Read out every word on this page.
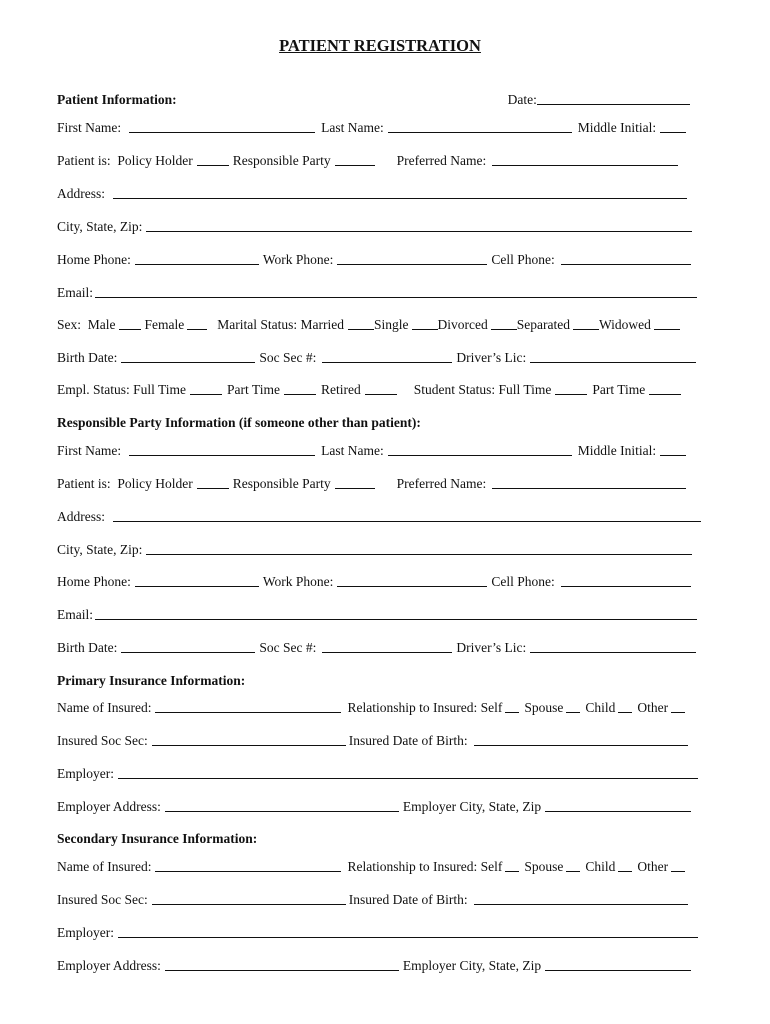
PATIENT REGISTRATION
Patient Information:	Date:
First Name:	Last Name:	Middle Initial:
Patient is:  Policy Holder	Responsible Party	Preferred Name:
Address:
City, State, Zip:
Home Phone:	Work Phone:	Cell Phone:
Email:
Sex:  Male Female Marital Status: Married Single Divorced Separated Widowed
Birth Date:	Soc Sec #:	Driver’s Lic:
Empl. Status: Full Time	Part Time	Retired	Student Status: Full Time	Part Time
Responsible Party Information (if someone other than patient):
First Name:	Last Name:	Middle Initial:
Patient is:  Policy Holder	Responsible Party	Preferred Name:
Address:
City, State, Zip:
Home Phone:	Work Phone:	Cell Phone:
Email:
Birth Date:	Soc Sec #:	Driver’s Lic:
Primary Insurance Information:
Name of Insured:	Relationship to Insured: Self Spouse Child Other
Insured Soc Sec:	Insured Date of Birth:
Employer:
Employer Address:	Employer City, State, Zip
Secondary Insurance Information:
Name of Insured:	Relationship to Insured: Self Spouse Child Other
Insured Soc Sec:	Insured Date of Birth:
Employer:
Employer Address:	Employer City, State, Zip
